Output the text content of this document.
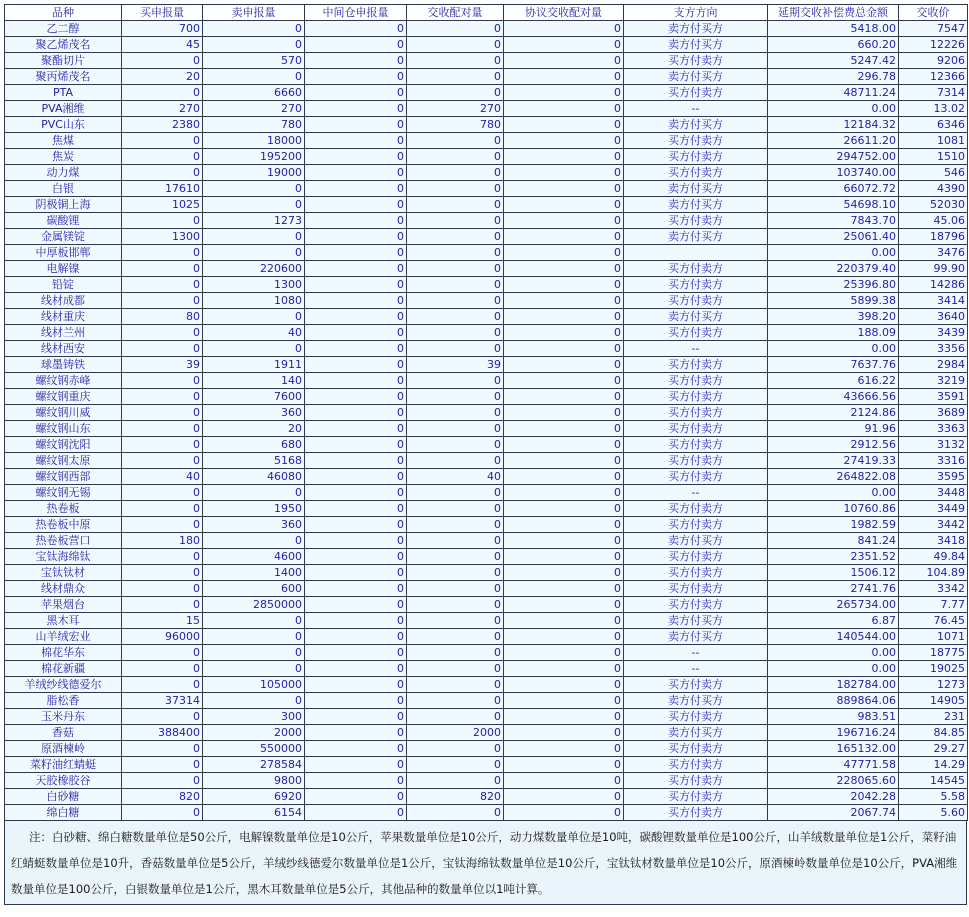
品种	买申报量	卖申报量	中间仓申报量	交收配对量	协议交收配对量	支方方向	延期交收补偿费总金额	交收价
乙二醇	700	0	0	0	0	卖方付买方	5418.00	7547
聚乙烯茂名	45	0	0	0	0	卖方付买方	660.20	12226
聚酯切片	0	570	0	0	0	买方付卖方	5247.42	9206
聚丙烯茂名	20	0	0	0	0	卖方付买方	296.78	12366
PTA	0	6660	0	0	0	买方付卖方	48711.24	7314
PVA湘维	270	270	0	270	0	--	0.00	13.02
PVC山东	2380	780	0	780	0	卖方付买方	12184.32	6346
焦煤	0	18000	0	0	0	买方付卖方	26611.20	1081
焦炭	0	195200	0	0	0	买方付卖方	294752.00	1510
动力煤	0	19000	0	0	0	买方付卖方	103740.00	546
白银	17610	0	0	0	0	卖方付买方	66072.72	4390
阴极铜上海	1025	0	0	0	0	卖方付买方	54698.10	52030
碳酸锂	0	1273	0	0	0	买方付卖方	7843.70	45.06
金属镁锭	1300	0	0	0	0	卖方付买方	25061.40	18796
中厚板邯郸	0	0	0	0	0		0.00	3476
电解镍	0	220600	0	0	0	买方付卖方	220379.40	99.90
铅锭	0	1300	0	0	0	买方付卖方	25396.80	14286
线材成都	0	1080	0	0	0	买方付卖方	5899.38	3414
线材重庆	80	0	0	0	0	卖方付买方	398.20	3640
线材兰州	0	40	0	0	0	买方付卖方	188.09	3439
线材西安	0	0	0	0	0	--	0.00	3356
球墨铸铁	39	1911	0	39	0	买方付卖方	7637.76	2984
螺纹钢赤峰	0	140	0	0	0	买方付卖方	616.22	3219
螺纹钢重庆	0	7600	0	0	0	买方付卖方	43666.56	3591
螺纹钢川威	0	360	0	0	0	买方付卖方	2124.86	3689
螺纹钢山东	0	20	0	0	0	买方付卖方	91.96	3363
螺纹钢沈阳	0	680	0	0	0	买方付卖方	2912.56	3132
螺纹钢太原	0	5168	0	0	0	买方付卖方	27419.33	3316
螺纹钢西部	40	46080	0	40	0	买方付卖方	264822.08	3595
螺纹钢无锡	0	0	0	0	0	--	0.00	3448
热卷板	0	1950	0	0	0	买方付卖方	10760.86	3449
热卷板中原	0	360	0	0	0	买方付卖方	1982.59	3442
热卷板营口	180	0	0	0	0	卖方付买方	841.24	3418
宝钛海绵钛	0	4600	0	0	0	买方付卖方	2351.52	49.84
宝钛钛材	0	1400	0	0	0	买方付卖方	1506.12	104.89
线材鼎众	0	600	0	0	0	买方付卖方	2741.76	3342
苹果烟台	0	2850000	0	0	0	买方付卖方	265734.00	7.77
黑木耳	15	0	0	0	0	卖方付买方	6.87	76.45
山羊绒宏业	96000	0	0	0	0	卖方付买方	140544.00	1071
棉花华东	0	0	0	0	0	--	0.00	18775
棉花新疆	0	0	0	0	0	--	0.00	19025
羊绒纱线德爱尔	0	105000	0	0	0	买方付卖方	182784.00	1273
脂松香	37314	0	0	0	0	卖方付买方	889864.06	14905
玉米丹东	0	300	0	0	0	买方付卖方	983.51	231
香菇	388400	2000	0	2000	0	卖方付买方	196716.24	84.85
原酒楝岭	0	550000	0	0	0	买方付卖方	165132.00	29.27
菜籽油红蜻蜓	0	278584	0	0	0	买方付卖方	47771.58	14.29
天胶橡胶谷	0	9800	0	0	0	买方付卖方	228065.60	14545
白砂糖	820	6920	0	820	0	买方付卖方	2042.28	5.58
绵白糖	0	6154	0	0	0	买方付卖方	2067.74	5.60
注：白砂糖、绵白糖数量单位是50公斤，电解镍数量单位是10公斤，苹果数量单位是10公斤，动力煤数量单位是10吨，碳酸锂数量单位是100公斤，山羊绒数量单位是1公斤，菜籽油红蜻蜓数量单位是10升，香菇数量单位是5公斤，羊绒纱线德爱尔数量单位是1公斤，宝钛海绵钛数量单位是10公斤，宝钛钛材数量单位是10公斤，原酒楝岭数量单位是10公斤，PVA湘维数量单位是100公斤，白银数量单位是1公斤，黑木耳数量单位是5公斤，其他品种的数量单位以1吨计算。
